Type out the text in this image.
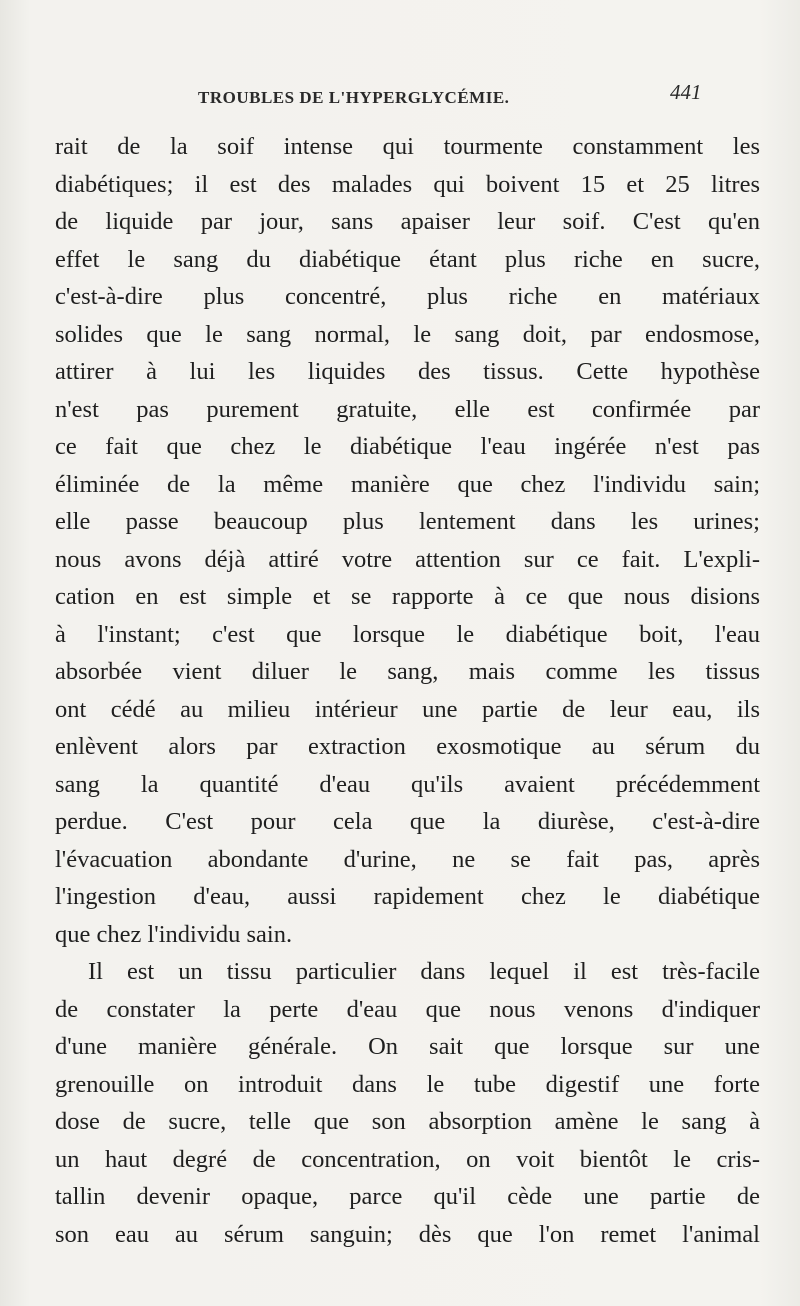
TROUBLES DE L'HYPERGLYCÉMIE.	441
rait de la soif intense qui tourmente constamment les
diabétiques; il est des malades qui boivent 15 et 25 litres
de liquide par jour, sans apaiser leur soif. C'est qu'en
effet le sang du diabétique étant plus riche en sucre,
c'est-à-dire plus concentré, plus riche en matériaux
solides que le sang normal, le sang doit, par endosmose,
attirer à lui les liquides des tissus. Cette hypothèse
n'est pas purement gratuite, elle est confirmée par
ce fait que chez le diabétique l'eau ingérée n'est pas
éliminée de la même manière que chez l'individu sain;
elle passe beaucoup plus lentement dans les urines;
nous avons déjà attiré votre attention sur ce fait. L'expli-
cation en est simple et se rapporte à ce que nous disions
à l'instant; c'est que lorsque le diabétique boit, l'eau
absorbée vient diluer le sang, mais comme les tissus
ont cédé au milieu intérieur une partie de leur eau, ils
enlèvent alors par extraction exosmotique au sérum du
sang la quantité d'eau qu'ils avaient précédemment
perdue. C'est pour cela que la diurèse, c'est-à-dire
l'évacuation abondante d'urine, ne se fait pas, après
l'ingestion d'eau, aussi rapidement chez le diabétique
que chez l'individu sain.
Il est un tissu particulier dans lequel il est très-facile
de constater la perte d'eau que nous venons d'indiquer
d'une manière générale. On sait que lorsque sur une
grenouille on introduit dans le tube digestif une forte
dose de sucre, telle que son absorption amène le sang à
un haut degré de concentration, on voit bientôt le cris-
tallin devenir opaque, parce qu'il cède une partie de
son eau au sérum sanguin; dès que l'on remet l'animal
